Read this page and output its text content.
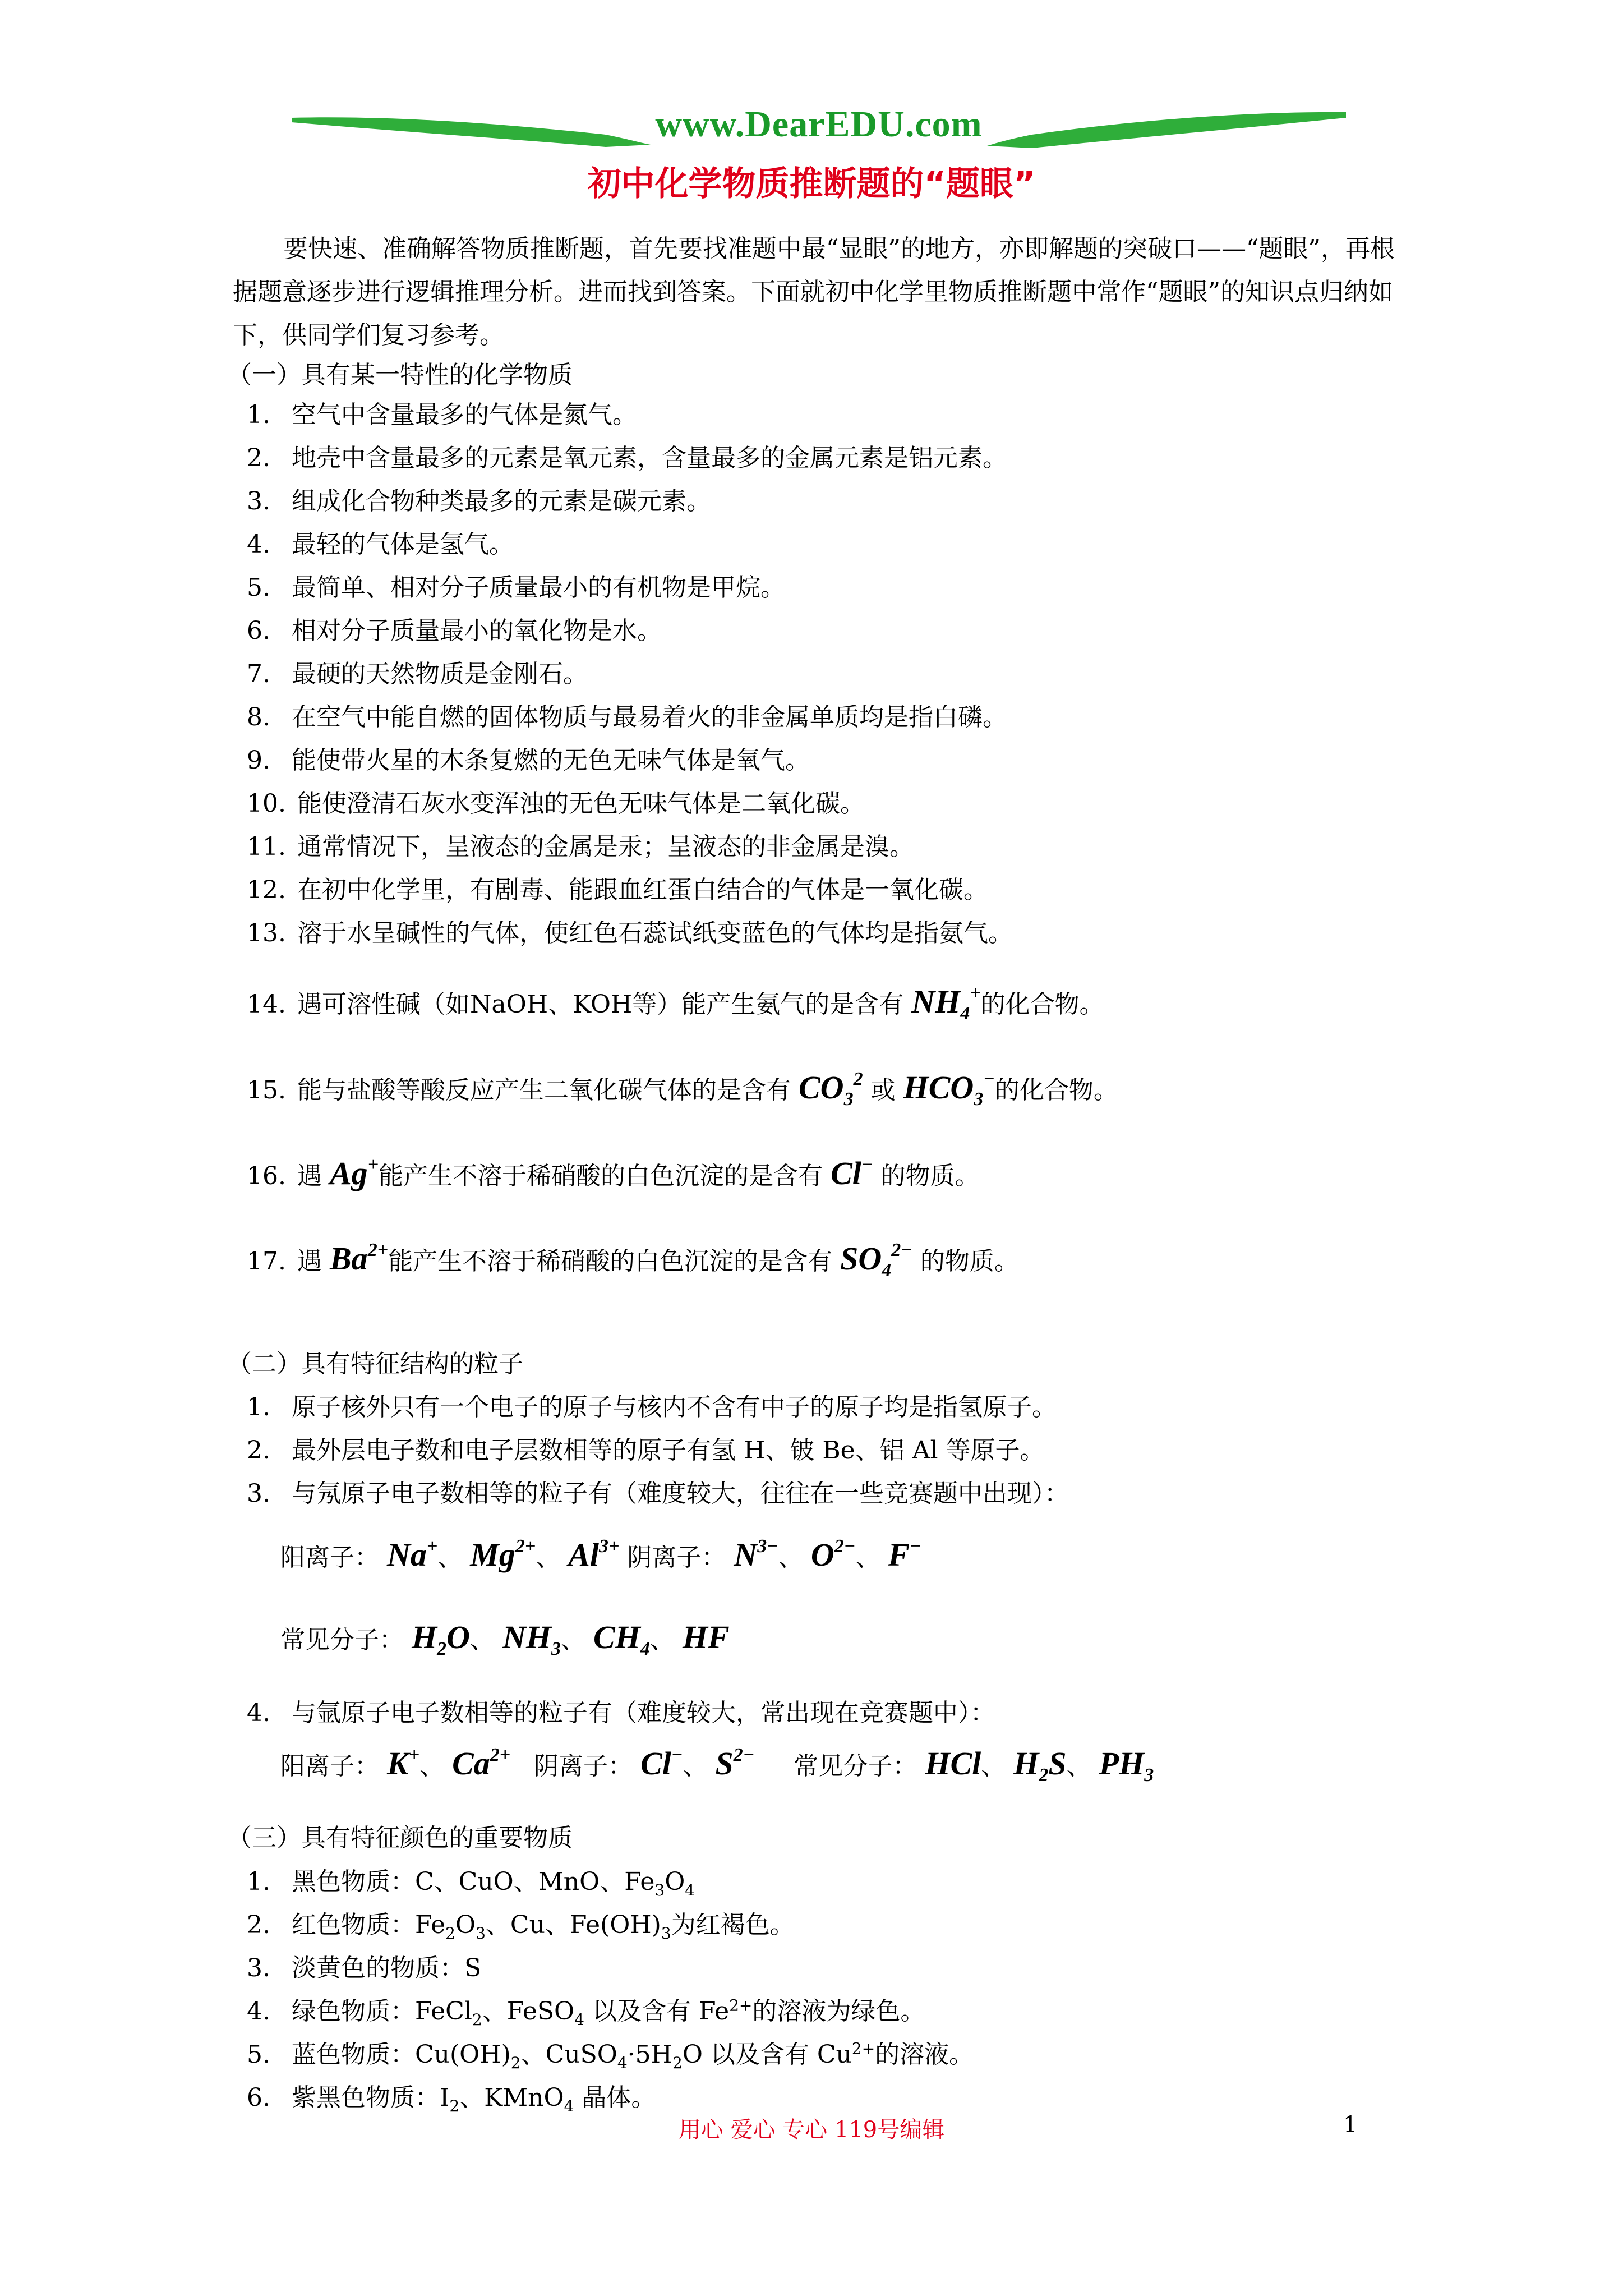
www.DearEDU.com
初中化学物质推断题的“题眼”
要快速、准确解答物质推断题，首先要找准题中最“显眼”的地方，亦即解题的突破口——“题眼”，再根据题意逐步进行逻辑推理分析。进而找到答案。下面就初中化学里物质推断题中常作“题眼”的知识点归纳如下，供同学们复习参考。
（一）具有某一特性的化学物质
1. 空气中含量最多的气体是氮气。
2. 地壳中含量最多的元素是氧元素，含量最多的金属元素是铝元素。
3. 组成化合物种类最多的元素是碳元素。
4. 最轻的气体是氢气。
5. 最简单、相对分子质量最小的有机物是甲烷。
6. 相对分子质量最小的氧化物是水。
7. 最硬的天然物质是金刚石。
8. 在空气中能自燃的固体物质与最易着火的非金属单质均是指白磷。
9. 能使带火星的木条复燃的无色无味气体是氧气。
10. 能使澄清石灰水变浑浊的无色无味气体是二氧化碳。
11. 通常情况下，呈液态的金属是汞；呈液态的非金属是溴。
12. 在初中化学里，有剧毒、能跟血红蛋白结合的气体是一氧化碳。
13. 溶于水呈碱性的气体，使红色石蕊试纸变蓝色的气体均是指氨气。
14. 遇可溶性碱（如NaOH、KOH等）能产生氨气的是含有 $NH_4^+$的化合物。
15. 能与盐酸等酸反应产生二氧化碳气体的是含有 $CO_3^2$ 或 $HCO_3^-$的化合物。
16. 遇 Ag+能产生不溶于稀硝酸的白色沉淀的是含有 Cl− 的物质。
17. 遇 $Ba^{2+}$能产生不溶于稀硝酸的白色沉淀的是含有 $SO_4^{2-}$ 的物质。
（二）具有特征结构的粒子
1. 原子核外只有一个电子的原子与核内不含有中子的原子均是指氢原子。
2. 最外层电子数和电子层数相等的原子有氢 H、铍 Be、铝 Al 等原子。
3. 与氖原子电子数相等的粒子有（难度较大，往往在一些竞赛题中出现）：
阳离子： Na+、 $Mg^{2+}$、 $Al^{3+}$ 阴离子： $N^{3-}$、 $O^{2-}$、 F−
常见分子： $H_2O$、 $NH_3$、 $CH_4$、 HF
4. 与氩原子电子数相等的粒子有（难度较大，常出现在竞赛题中）：
阳离子： K+、 $Ca^{2+}$ 阴离子： Cl−、 $S^{2-}$ 常见分子： HCl、 $H_2S$、 $PH_3$
（三）具有特征颜色的重要物质
1. 黑色物质：C、CuO、MnO、$Fe_3O_4$
2. 红色物质：$Fe_2O_3$、Cu、$Fe(OH)_3$为红褐色。
3. 淡黄色的物质：S
4. 绿色物质：FeCl$_2$、FeSO$_4$ 以及含有 $Fe^{2+}$的溶液为绿色。
5. 蓝色物质：$Cu(OH)_2$、$CuSO_4\cdot 5H_2O$ 以及含有 $Cu^{2+}$的溶液。
6. 紫黑色物质：$I_2$、KMnO$_4$ 晶体。
用心 爱心 专心 119号编辑	1
